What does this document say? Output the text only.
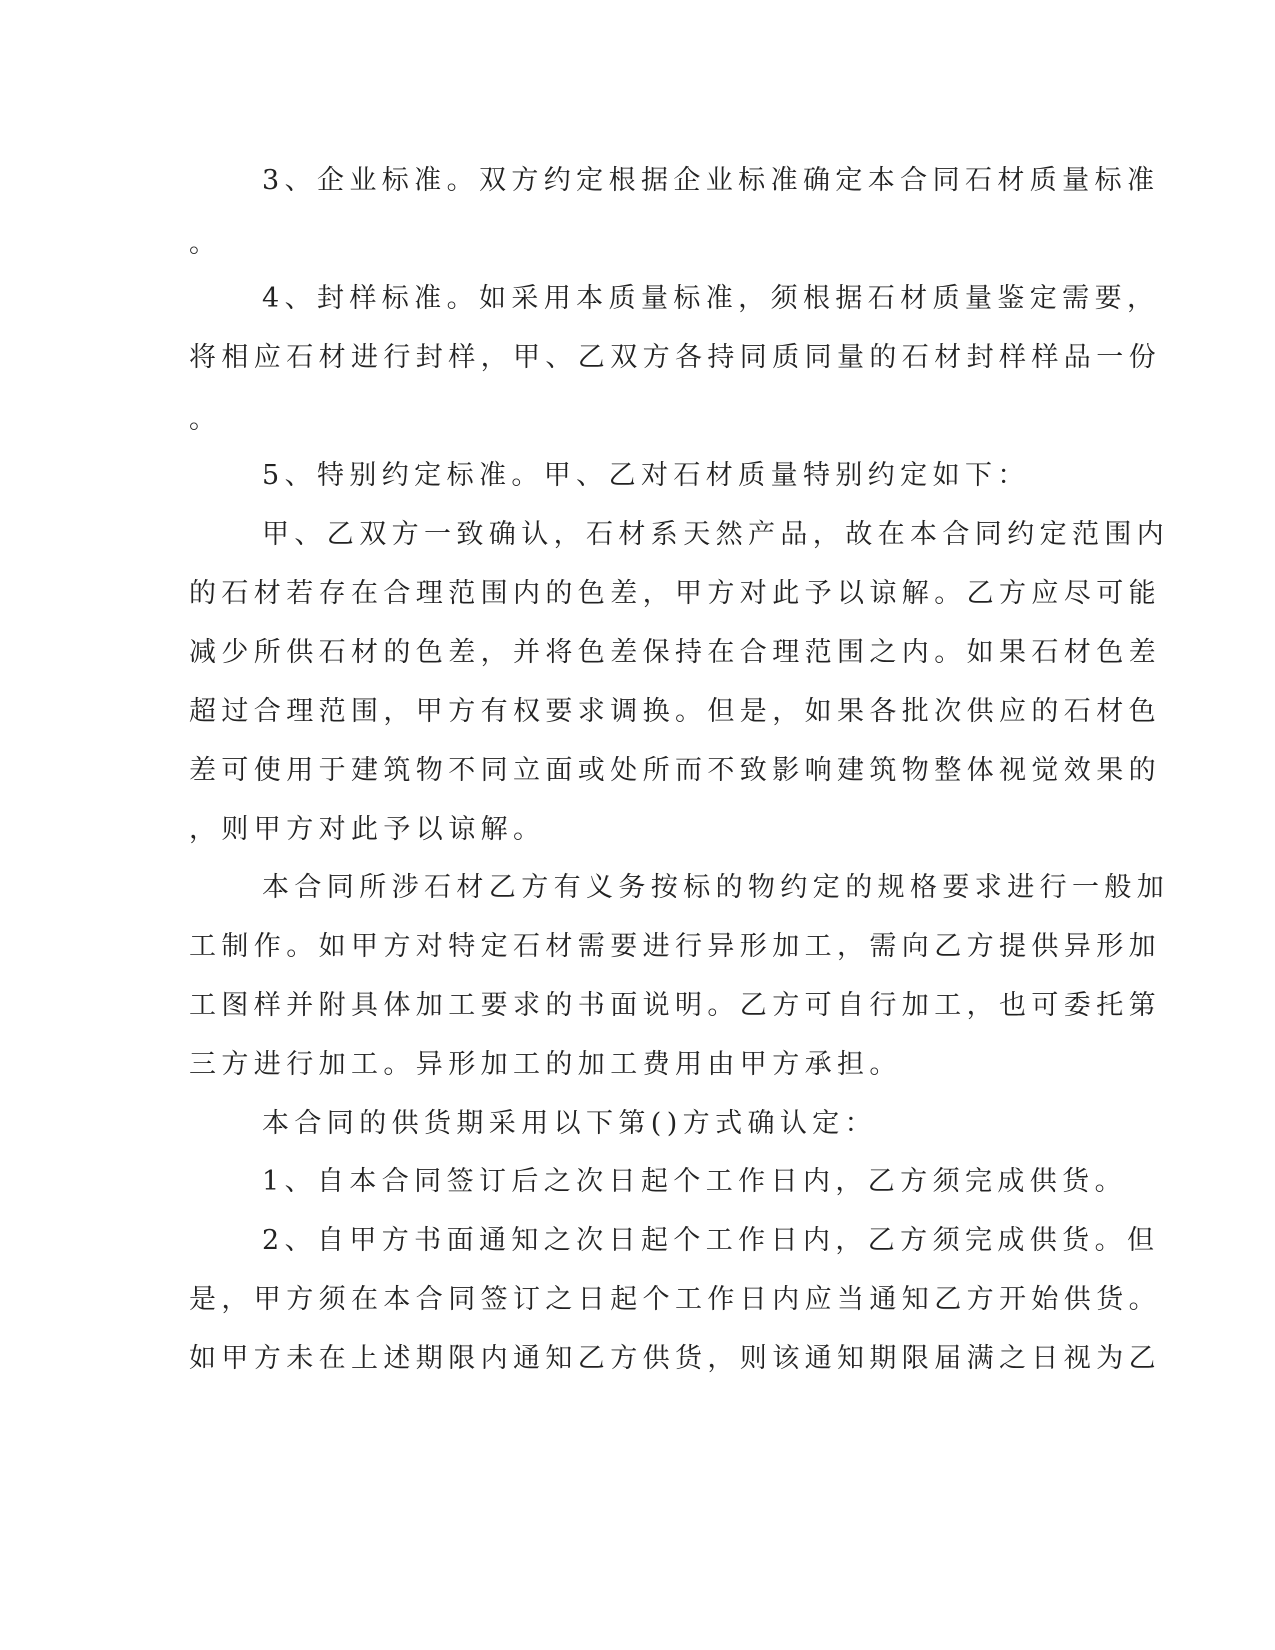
3、企业标准。双方约定根据企业标准确定本合同石材质量标准

。

4、封样标准。如采用本质量标准，须根据石材质量鉴定需要，

将相应石材进行封样，甲、乙双方各持同质同量的石材封样样品一份

。

5、特别约定标准。甲、乙对石材质量特别约定如下：

甲、乙双方一致确认，石材系天然产品，故在本合同约定范围内

的石材若存在合理范围内的色差，甲方对此予以谅解。乙方应尽可能

减少所供石材的色差，并将色差保持在合理范围之内。如果石材色差

超过合理范围，甲方有权要求调换。但是，如果各批次供应的石材色

差可使用于建筑物不同立面或处所而不致影响建筑物整体视觉效果的

，则甲方对此予以谅解。

本合同所涉石材乙方有义务按标的物约定的规格要求进行一般加

工制作。如甲方对特定石材需要进行异形加工，需向乙方提供异形加

工图样并附具体加工要求的书面说明。乙方可自行加工，也可委托第

三方进行加工。异形加工的加工费用由甲方承担。

本合同的供货期采用以下第()方式确认定：

1、自本合同签订后之次日起个工作日内，乙方须完成供货。

2、自甲方书面通知之次日起个工作日内，乙方须完成供货。但

是，甲方须在本合同签订之日起个工作日内应当通知乙方开始供货。

如甲方未在上述期限内通知乙方供货，则该通知期限届满之日视为乙
